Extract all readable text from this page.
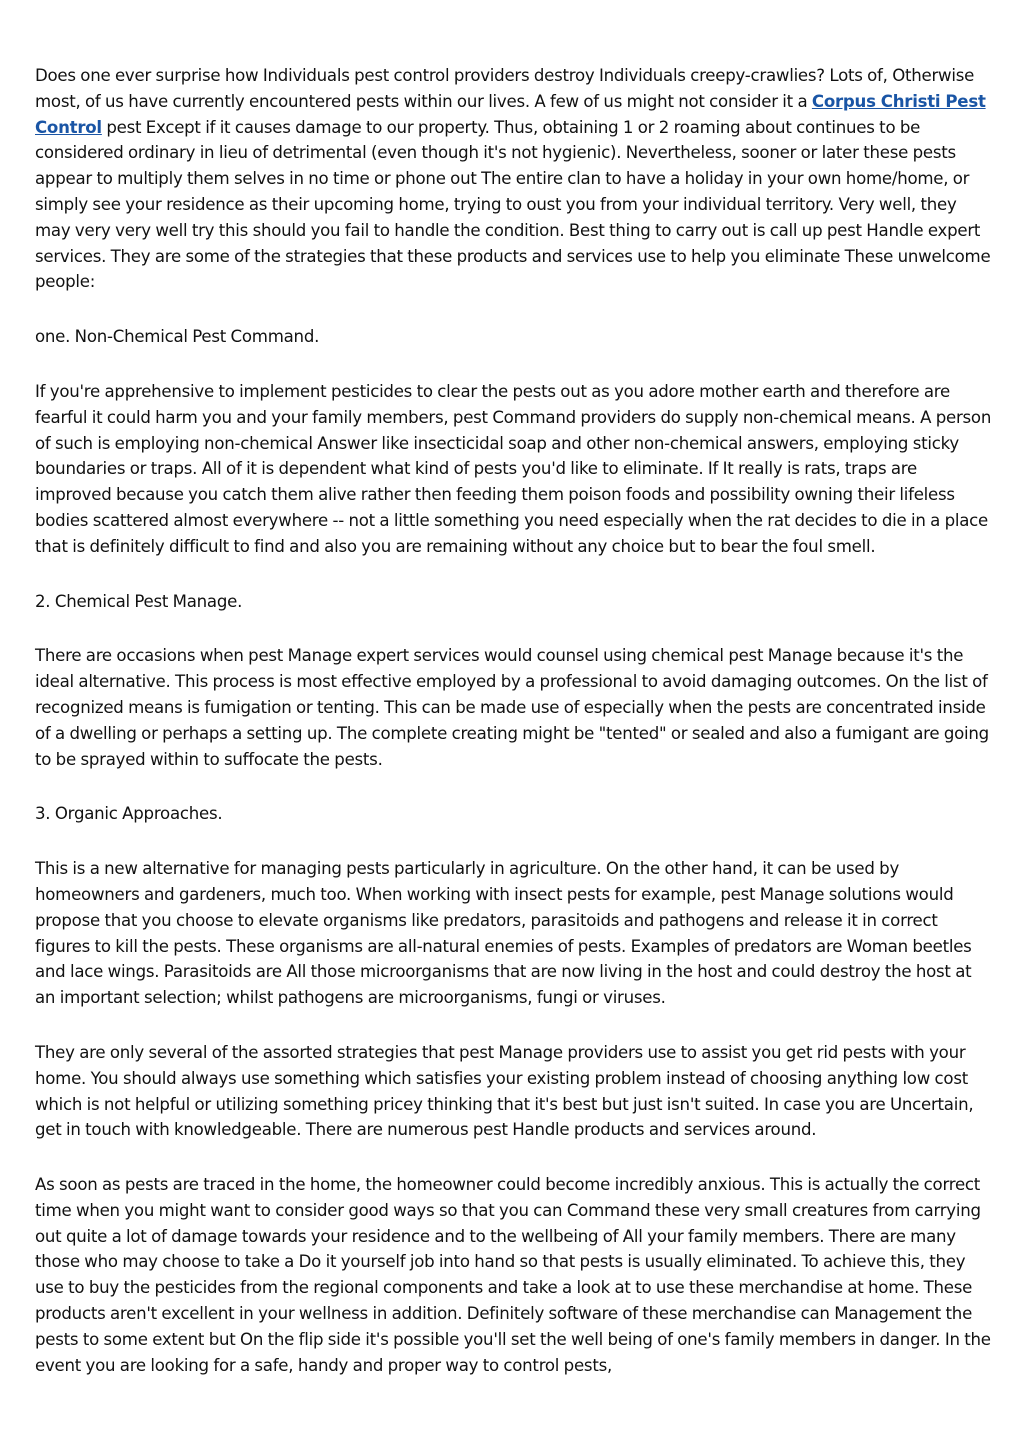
Does one ever surprise how Individuals pest control providers destroy Individuals creepy-crawlies? Lots of, Otherwise most, of us have currently encountered pests within our lives. A few of us might not consider it a Corpus Christi Pest Control pest Except if it causes damage to our property. Thus, obtaining 1 or 2 roaming about continues to be considered ordinary in lieu of detrimental (even though it's not hygienic). Nevertheless, sooner or later these pests appear to multiply them selves in no time or phone out The entire clan to have a holiday in your own home/home, or simply see your residence as their upcoming home, trying to oust you from your individual territory. Very well, they may very very well try this should you fail to handle the condition. Best thing to carry out is call up pest Handle expert services. They are some of the strategies that these products and services use to help you eliminate These unwelcome people:

one. Non-Chemical Pest Command.

If you're apprehensive to implement pesticides to clear the pests out as you adore mother earth and therefore are fearful it could harm you and your family members, pest Command providers do supply non-chemical means. A person of such is employing non-chemical Answer like insecticidal soap and other non-chemical answers, employing sticky boundaries or traps. All of it is dependent what kind of pests you'd like to eliminate. If It really is rats, traps are improved because you catch them alive rather then feeding them poison foods and possibility owning their lifeless bodies scattered almost everywhere -- not a little something you need especially when the rat decides to die in a place that is definitely difficult to find and also you are remaining without any choice but to bear the foul smell.

2. Chemical Pest Manage.

There are occasions when pest Manage expert services would counsel using chemical pest Manage because it's the ideal alternative. This process is most effective employed by a professional to avoid damaging outcomes. On the list of recognized means is fumigation or tenting. This can be made use of especially when the pests are concentrated inside of a dwelling or perhaps a setting up. The complete creating might be "tented" or sealed and also a fumigant are going to be sprayed within to suffocate the pests.

3. Organic Approaches.

This is a new alternative for managing pests particularly in agriculture. On the other hand, it can be used by homeowners and gardeners, much too. When working with insect pests for example, pest Manage solutions would propose that you choose to elevate organisms like predators, parasitoids and pathogens and release it in correct figures to kill the pests. These organisms are all-natural enemies of pests. Examples of predators are Woman beetles and lace wings. Parasitoids are All those microorganisms that are now living in the host and could destroy the host at an important selection; whilst pathogens are microorganisms, fungi or viruses.

They are only several of the assorted strategies that pest Manage providers use to assist you get rid pests with your home. You should always use something which satisfies your existing problem instead of choosing anything low cost which is not helpful or utilizing something pricey thinking that it's best but just isn't suited. In case you are Uncertain, get in touch with knowledgeable. There are numerous pest Handle products and services around.

As soon as pests are traced in the home, the homeowner could become incredibly anxious. This is actually the correct time when you might want to consider good ways so that you can Command these very small creatures from carrying out quite a lot of damage towards your residence and to the wellbeing of All your family members. There are many those who may choose to take a Do it yourself job into hand so that pests is usually eliminated. To achieve this, they use to buy the pesticides from the regional components and take a look at to use these merchandise at home. These products aren't excellent in your wellness in addition. Definitely software of these merchandise can Management the pests to some extent but On the flip side it's possible you'll set the well being of one's family members in danger. In the event you are looking for a safe, handy and proper way to control pests,
